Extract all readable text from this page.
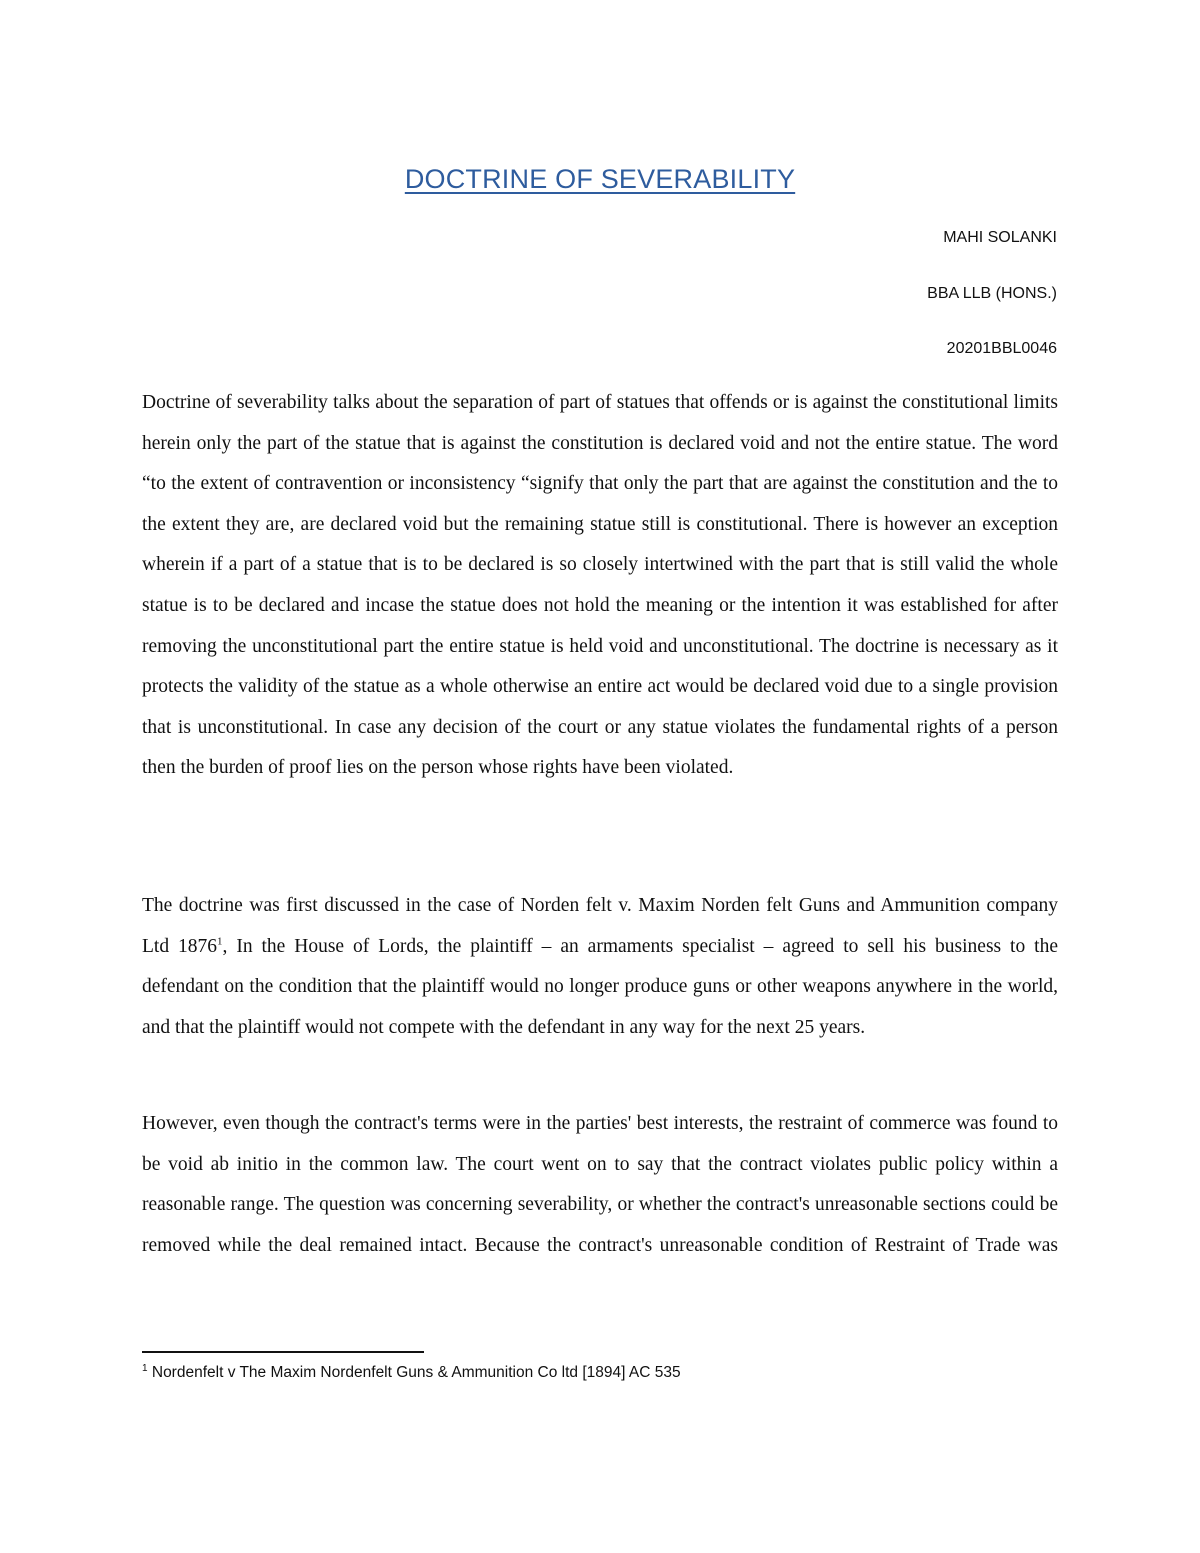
DOCTRINE OF SEVERABILITY
MAHI SOLANKI
BBA LLB (HONS.)
20201BBL0046

Doctrine of severability talks about the separation of part of statues that offends or is against the constitutional limits herein only the part of the statue that is against the constitution is declared void and not the entire statue. The word “to the extent of contravention or inconsistency “signify that only the part that are against the constitution and the to the extent they are, are declared void but the remaining statue still is constitutional. There is however an exception wherein if a part of a statue that is to be declared is so closely intertwined with the part that is still valid the whole statue is to be declared and incase the statue does not hold the meaning or the intention it was established for after removing the unconstitutional part the entire statue is held void and unconstitutional. The doctrine is necessary as it protects the validity of the statue as a whole otherwise an entire act would be declared void due to a single provision that is unconstitutional. In case any decision of the court or any statue violates the fundamental rights of a person then the burden of proof lies on the person whose rights have been violated.

The doctrine was first discussed in the case of Norden felt v. Maxim Norden felt Guns and Ammunition company Ltd 1876$^1$, In the House of Lords, the plaintiff – an armaments specialist – agreed to sell his business to the defendant on the condition that the plaintiff would no longer produce guns or other weapons anywhere in the world, and that the plaintiff would not compete with the defendant in any way for the next 25 years.

However, even though the contract's terms were in the parties' best interests, the restraint of commerce was found to be void ab initio in the common law. The court went on to say that the contract violates public policy within a reasonable range. The question was concerning severability, or whether the contract's unreasonable sections could be removed while the deal remained intact. Because the contract's unreasonable condition of Restraint of Trade was

$^1$ Nordenfelt v The Maxim Nordenfelt Guns & Ammunition Co ltd [1894] AC 535
